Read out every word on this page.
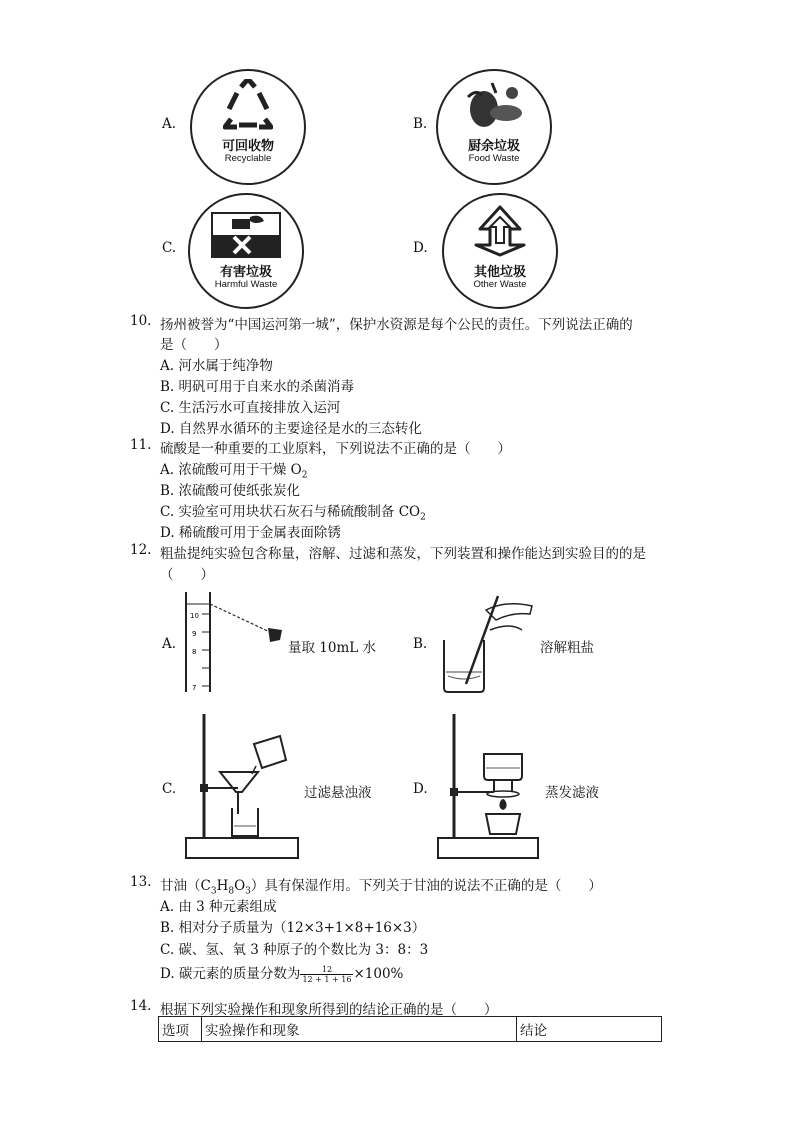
A.
可回收物
Recyclable
B.
厨余垃圾
Food Waste
C.
有害垃圾
Harmful Waste
D.
其他垃圾
Other Waste
10. 扬州被誉为“中国运河第一城”，保护水资源是每个公民的责任。下列说法正确的
是（　　）
A. 河水属于纯净物
B. 明矾可用于自来水的杀菌消毒
C. 生活污水可直接排放入运河
D. 自然界水循环的主要途径是水的三态转化
11. 硫酸是一种重要的工业原料，下列说法不正确的是（　　）
A. 浓硫酸可用于干燥 $O_2$
B. 浓硫酸可使纸张炭化
C. 实验室可用块状石灰石与稀硫酸制备 $CO_2$
D. 稀硫酸可用于金属表面除锈
12. 粗盐提纯实验包含称量，溶解、过滤和蒸发，下列装置和操作能达到实验目的的是
（　　）
A.
10
9
8
7
量取 10mL 水	B.	溶解粗盐
C.	过滤悬浊液	D.	蒸发滤液
13. 甘油$(C_3H_8O_3)$具有保湿作用。下列关于甘油的说法不正确的是（　　）
A. 由 3 种元素组成
B. 相对分子质量为（12×3+1×8+16×3）
C. 碳、氢、氧 3 种原子的个数比为 3：8：3
D. 碳元素的质量分数为 $\frac{12}{12 + 1 + 16} \times 100\%$
14. 根据下列实验操作和现象所得到的结论正确的是（　　）
选项	实验操作和现象	结论
